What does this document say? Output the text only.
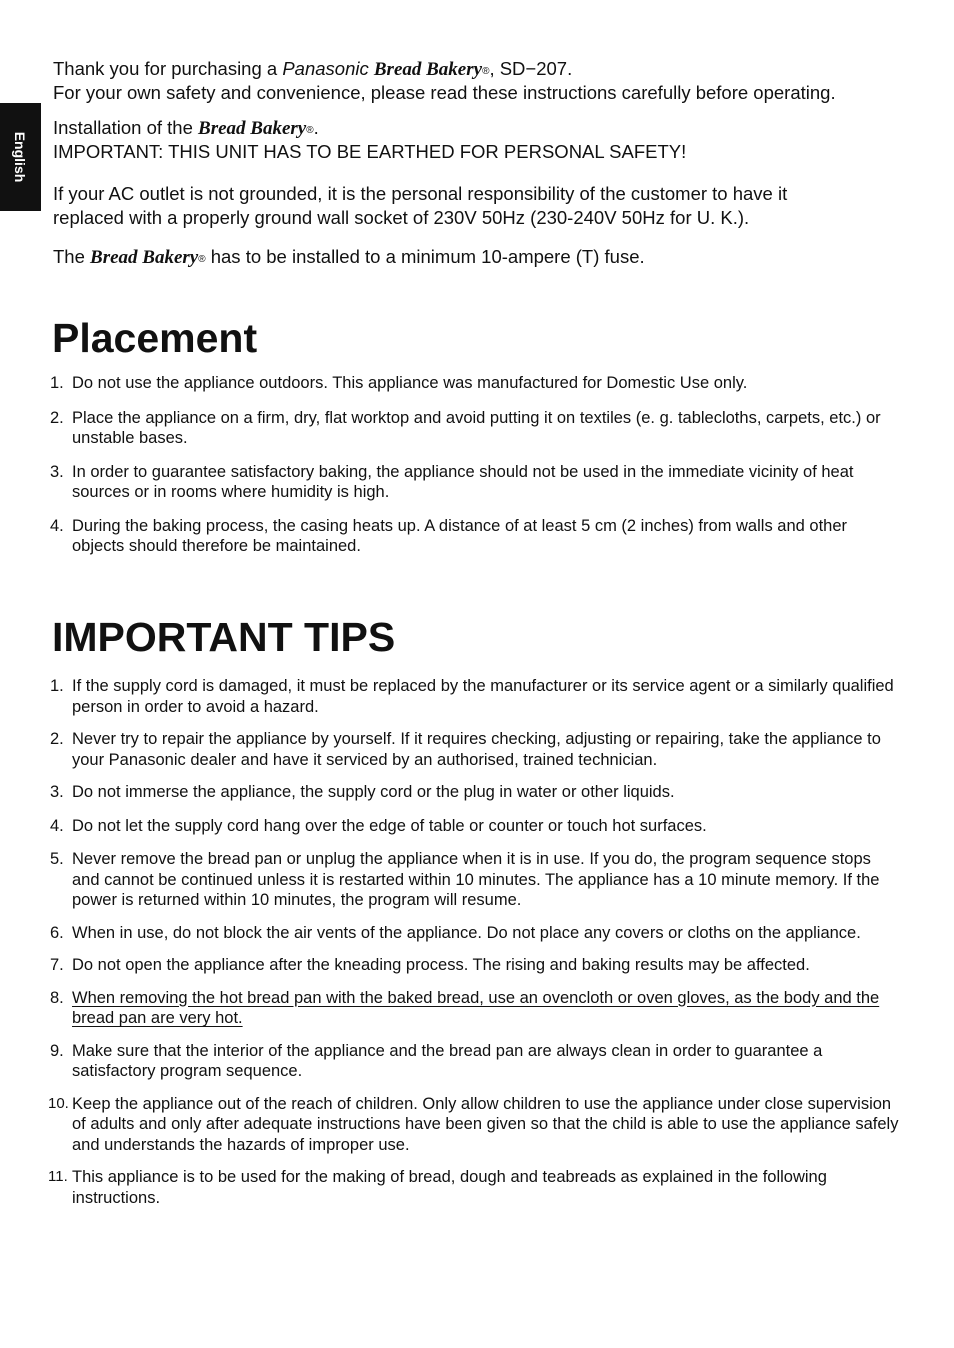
English

Thank you for purchasing a Panasonic Bread Bakery®, SD−207.

For your own safety and convenience, please read these instructions carefully before operating.

Installation of the Bread Bakery®.

IMPORTANT: THIS UNIT HAS TO BE EARTHED FOR PERSONAL SAFETY!

If your AC outlet is not grounded, it is the personal responsibility of the customer to have it

replaced with a properly ground wall socket of 230V 50Hz (230-240V 50Hz for U. K.).

The Bread Bakery® has to be installed to a minimum 10-ampere (T) fuse.

Placement
1. Do not use the appliance outdoors. This appliance was manufactured for Domestic Use only.
2. Place the appliance on a firm, dry, flat worktop and avoid putting it on textiles (e. g. tablecloths, carpets, etc.) or unstable bases.
3. In order to guarantee satisfactory baking, the appliance should not be used in the immediate vicinity of heat sources or in rooms where humidity is high.
4. During the baking process, the casing heats up. A distance of at least 5 cm (2 inches) from walls and other objects should therefore be maintained.
IMPORTANT TIPS
1. If the supply cord is damaged, it must be replaced by the manufacturer or its service agent or a similarly qualified person in order to avoid a hazard.
2. Never try to repair the appliance by yourself. If it requires checking, adjusting or repairing, take the appliance to your Panasonic dealer and have it serviced by an authorised, trained technician.
3. Do not immerse the appliance, the supply cord or the plug in water or other liquids.
4. Do not let the supply cord hang over the edge of table or counter or touch hot surfaces.
5. Never remove the bread pan or unplug the appliance when it is in use. If you do, the program sequence stops and cannot be continued unless it is restarted within 10 minutes. The appliance has a 10 minute memory. If the power is returned within 10 minutes, the program will resume.
6. When in use, do not block the air vents of the appliance. Do not place any covers or cloths on the appliance.
7. Do not open the appliance after the kneading process. The rising and baking results may be affected.
8. When removing the hot bread pan with the baked bread, use an ovencloth or oven gloves, as the body and the bread pan are very hot.
9. Make sure that the interior of the appliance and the bread pan are always clean in order to guarantee a satisfactory program sequence.
10. Keep the appliance out of the reach of children. Only allow children to use the appliance under close supervision of adults and only after adequate instructions have been given so that the child is able to use the appliance safely and understands the hazards of improper use.
11. This appliance is to be used for the making of bread, dough and teabreads as explained in the following instructions.
